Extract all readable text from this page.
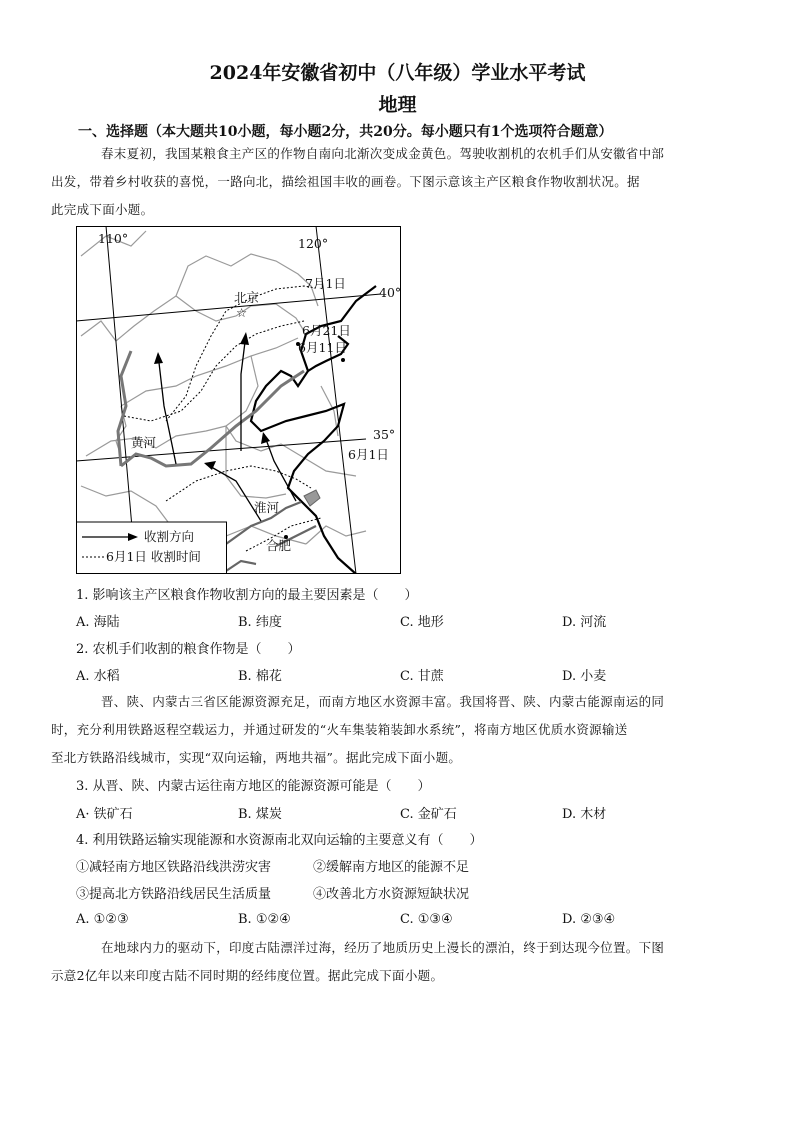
2024年安徽省初中（八年级）学业水平考试
地理
一、选择题（本大题共10小题，每小题2分，共20分。每小题只有1个选项符合题意）
春末夏初，我国某粮食主产区的作物自南向北渐次变成金黄色。驾驶收割机的农机手们从安徽省中部
出发，带着乡村收获的喜悦，一路向北，描绘祖国丰收的画卷。下图示意该主产区粮食作物收割状况。据
此完成下面小题。
☆
110°	120°
40°
35°
北京
7月1日
6月21日
6月11日
6月1日
黄河
淮河
合肥
收割方向
6月1日 收割时间
1. 影响该主产区粮食作物收割方向的最主要因素是（　　）
A. 海陆	B. 纬度	C. 地形	D. 河流
2. 农机手们收割的粮食作物是（　　）
A. 水稻	B. 棉花	C. 甘蔗	D. 小麦
晋、陕、内蒙古三省区能源资源充足，而南方地区水资源丰富。我国将晋、陕、内蒙古能源南运的同
时，充分利用铁路返程空载运力，并通过研发的“火车集装箱装卸水系统”，将南方地区优质水资源输送
至北方铁路沿线城市，实现“双向运输，两地共福”。据此完成下面小题。
3. 从晋、陕、内蒙古运往南方地区的能源资源可能是（　　）
A· 铁矿石	B. 煤炭	C. 金矿石	D. 木材
4. 利用铁路运输实现能源和水资源南北双向运输的主要意义有（　　）
①减轻南方地区铁路沿线洪涝灾害	②缓解南方地区的能源不足
③提高北方铁路沿线居民生活质量	④改善北方水资源短缺状况
A. ①②③	B. ①②④	C. ①③④	D. ②③④
在地球内力的驱动下，印度古陆漂洋过海，经历了地质历史上漫长的漂泊，终于到达现今位置。下图
示意2亿年以来印度古陆不同时期的经纬度位置。据此完成下面小题。
